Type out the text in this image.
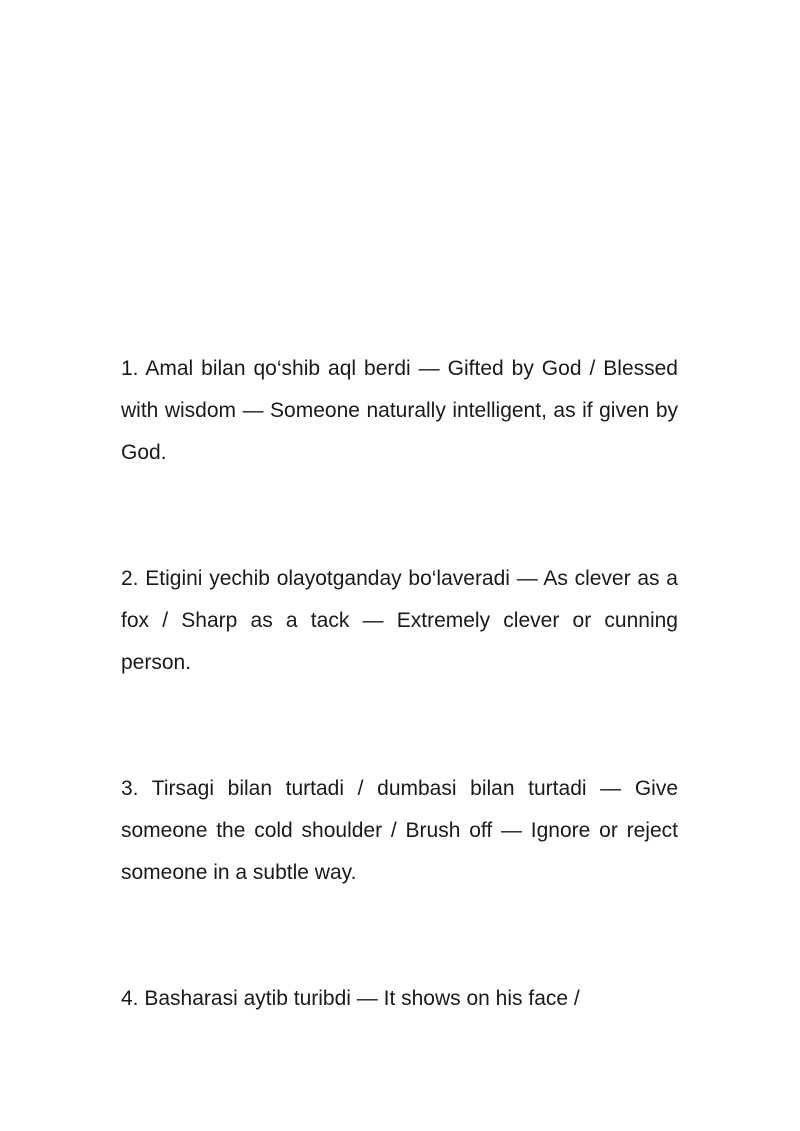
1. Amal bilan qo‘shib aql berdi — Gifted by God / Blessed with wisdom — Someone naturally intelligent, as if given by God.

2. Etigini yechib olayotganday bo‘laveradi — As clever as a fox / Sharp as a tack — Extremely clever or cunning person.

3. Tirsagi bilan turtadi / dumbasi bilan turtadi — Give someone the cold shoulder / Brush off — Ignore or reject someone in a subtle way.

4. Basharasi aytib turibdi — It shows on his face /
